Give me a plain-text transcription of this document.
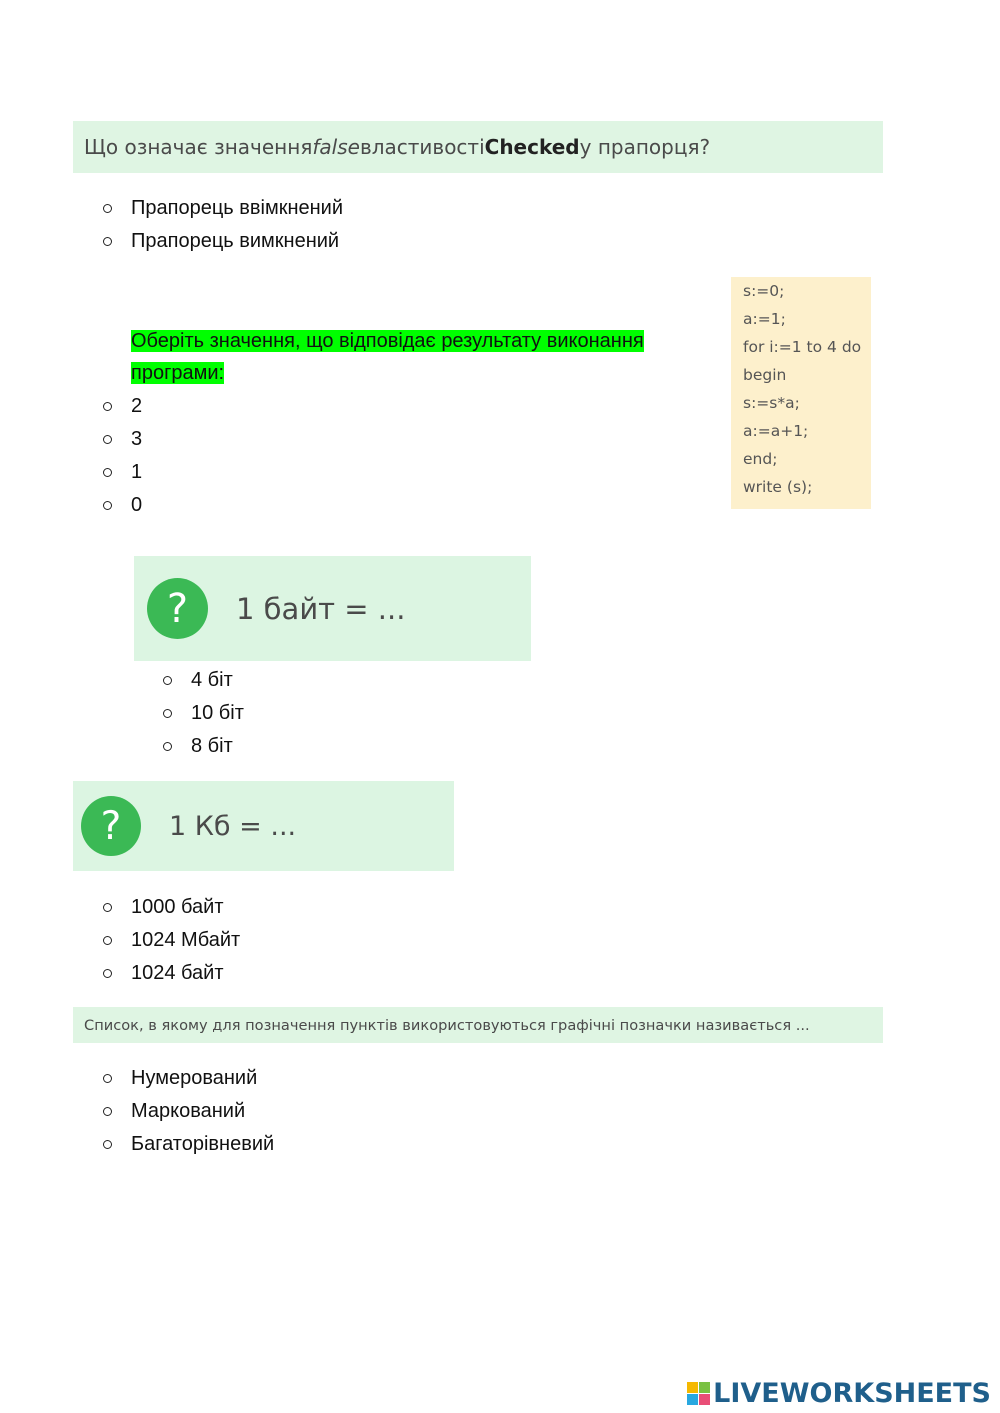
Що означає значення false властивості Checked у прапорця?
Прапорець ввімкнений
Прапорець вимкнений
Оберіть значення, що відповідає результату виконання програми:
s:=0;
a:=1;
for i:=1 to 4 do
begin
s:=s*a;
a:=a+1;
end;
write (s);
2
3
1
0
?	1 байт = ...
4 біт
10 біт
8 біт
?	1 Кб = ...
1000 байт
1024 Мбайт
1024 байт
Список, в якому для позначення пунктів використовуються графічні позначки називається ...
Нумерований
Маркований
Багаторівневий
LIVEWORKSHEETS
